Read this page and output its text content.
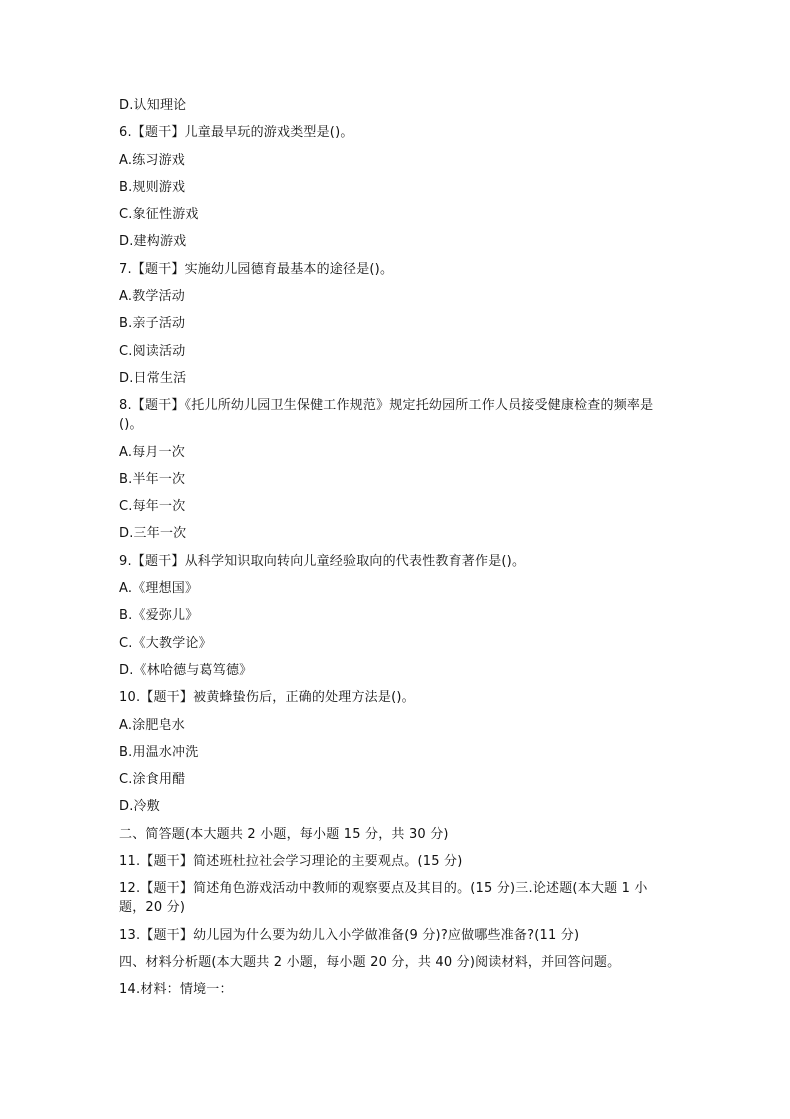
D.认知理论
6.【题干】儿童最早玩的游戏类型是()。
A.练习游戏
B.规则游戏
C.象征性游戏
D.建构游戏
7.【题干】实施幼儿园德育最基本的途径是()。
A.教学活动
B.亲子活动
C.阅读活动
D.日常生活
8.【题干】《托儿所幼儿园卫生保健工作规范》规定托幼园所工作人员接受健康检查的频率是()。
A.每月一次
B.半年一次
C.每年一次
D.三年一次
9.【题干】从科学知识取向转向儿童经验取向的代表性教育著作是()。
A.《理想国》
B.《爱弥儿》
C.《大教学论》
D.《林哈德与葛笃德》
10.【题干】被黄蜂蛰伤后，正确的处理方法是()。
A.涂肥皂水
B.用温水冲洗
C.涂食用醋
D.冷敷
二、简答题(本大题共 2 小题，每小题 15 分，共 30 分)
11.【题干】简述班杜拉社会学习理论的主要观点。(15 分)
12.【题干】简述角色游戏活动中教师的观察要点及其目的。(15 分)三.论述题(本大题 1 小题，20 分)
13.【题干】幼儿园为什么要为幼儿入小学做准备(9 分)?应做哪些准备?(11 分)
四、材料分析题(本大题共 2 小题，每小题 20 分，共 40 分)阅读材料，并回答问题。
14.材料：情境一：
